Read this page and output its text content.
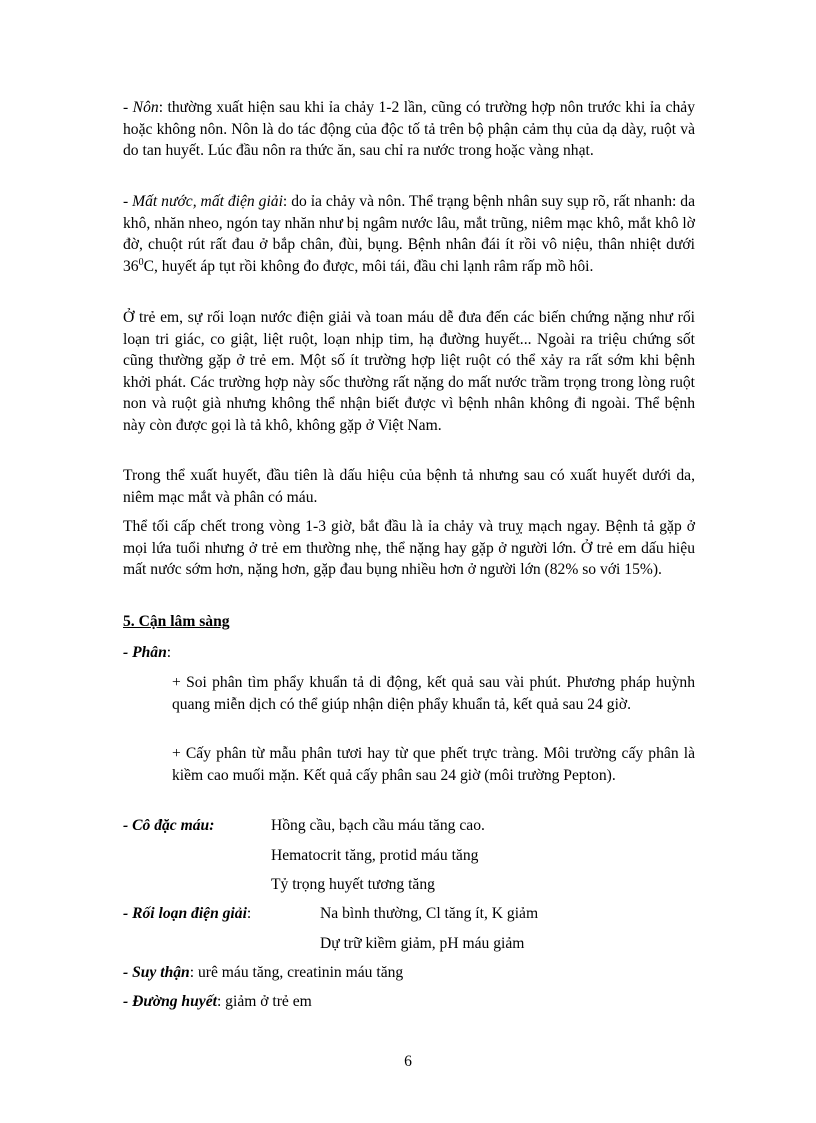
- Nôn: thường xuất hiện sau khi ỉa chảy 1-2 lần, cũng có trường hợp nôn trước khi ỉa chảy hoặc không nôn. Nôn là do tác động của độc tố tả trên bộ phận cảm thụ của dạ dày, ruột và do tan huyết. Lúc đầu nôn ra thức ăn, sau chỉ ra nước trong hoặc vàng nhạt.
- Mất nước, mất điện giải: do ỉa chảy và nôn. Thể trạng bệnh nhân suy sụp rõ, rất nhanh: da khô, nhăn nheo, ngón tay nhăn như bị ngâm nước lâu, mắt trũng, niêm mạc khô, mắt khô lờ đờ, chuột rút rất đau ở bắp chân, đùi, bụng. Bệnh nhân đái ít rồi vô niệu, thân nhiệt dưới $36^0C$, huyết áp tụt rồi không đo được, môi tái, đầu chi lạnh râm rấp mồ hôi.
Ở trẻ em, sự rối loạn nước điện giải và toan máu dễ đưa đến các biến chứng nặng như rối loạn tri giác, co giật, liệt ruột, loạn nhịp tim, hạ đường huyết... Ngoài ra triệu chứng sốt cũng thường gặp ở trẻ em. Một số ít trường hợp liệt ruột có thể xảy ra rất sớm khi bệnh khởi phát. Các trường hợp này sốc thường rất nặng do mất nước trầm trọng trong lòng ruột non và ruột già nhưng không thể nhận biết được vì bệnh nhân không đi ngoài. Thể bệnh này còn được gọi là tả khô, không gặp ở Việt Nam.
Trong thể xuất huyết, đầu tiên là dấu hiệu của bệnh tả nhưng sau có xuất huyết dưới da, niêm mạc mắt và phân có máu.
Thể tối cấp chết trong vòng 1-3 giờ, bắt đầu là ỉa chảy và truỵ mạch ngay. Bệnh tả gặp ở mọi lứa tuổi nhưng ở trẻ em thường nhẹ, thể nặng hay gặp ở người lớn. Ở trẻ em dấu hiệu mất nước sớm hơn, nặng hơn, gặp đau bụng nhiều hơn ở người lớn (82% so với 15%).
5. Cận lâm sàng
- Phân:
+ Soi phân tìm phẩy khuẩn tả di động, kết quả sau vài phút. Phương pháp huỳnh quang miễn dịch có thể giúp nhận diện phẩy khuẩn tả, kết quả sau 24 giờ.
+ Cấy phân từ mẫu phân tươi hay từ que phết trực tràng. Môi trường cấy phân là kiềm cao muối mặn. Kết quả cấy phân sau 24 giờ (môi trường Pepton).
- Cô đặc máu:	Hồng cầu, bạch cầu máu tăng cao.
Hematocrit tăng, protid máu tăng
Tỷ trọng huyết tương tăng
- Rối loạn điện giải:	Na bình thường, Cl tăng ít, K giảm
Dự trữ kiềm giảm, pH máu giảm
- Suy thận: urê máu tăng, creatinin máu tăng
- Đường huyết: giảm ở trẻ em
6
